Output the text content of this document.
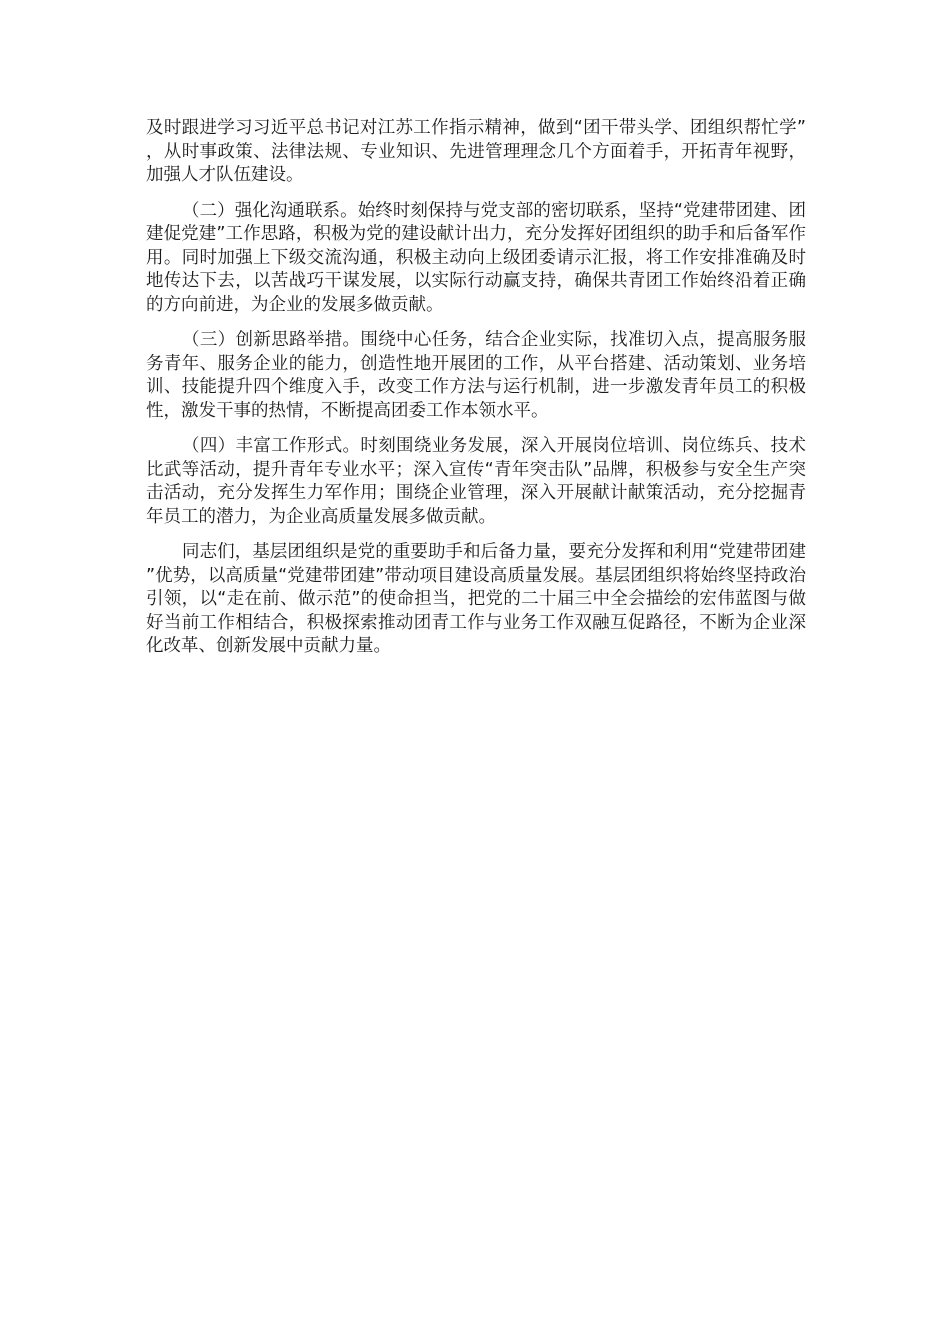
及时跟进学习习近平总书记对江苏工作指示精神，做到“团干带头学、团组织帮忙学”，从时事政策、法律法规、专业知识、先进管理理念几个方面着手，开拓青年视野，加强人才队伍建设。

（二）强化沟通联系。始终时刻保持与党支部的密切联系，坚持“党建带团建、团建促党建”工作思路，积极为党的建设献计出力，充分发挥好团组织的助手和后备军作用。同时加强上下级交流沟通，积极主动向上级团委请示汇报，将工作安排准确及时地传达下去，以苦战巧干谋发展，以实际行动赢支持，确保共青团工作始终沿着正确的方向前进，为企业的发展多做贡献。

（三）创新思路举措。围绕中心任务，结合企业实际，找准切入点，提高服务服务青年、服务企业的能力，创造性地开展团的工作，从平台搭建、活动策划、业务培训、技能提升四个维度入手，改变工作方法与运行机制，进一步激发青年员工的积极性，激发干事的热情，不断提高团委工作本领水平。

（四）丰富工作形式。时刻围绕业务发展，深入开展岗位培训、岗位练兵、技术比武等活动，提升青年专业水平；深入宣传“青年突击队”品牌，积极参与安全生产突击活动，充分发挥生力军作用；围绕企业管理，深入开展献计献策活动，充分挖掘青年员工的潜力，为企业高质量发展多做贡献。

同志们，基层团组织是党的重要助手和后备力量，要充分发挥和利用“党建带团建”优势，以高质量“党建带团建”带动项目建设高质量发展。基层团组织将始终坚持政治引领，以“走在前、做示范”的使命担当，把党的二十届三中全会描绘的宏伟蓝图与做好当前工作相结合，积极探索推动团青工作与业务工作双融互促路径，不断为企业深化改革、创新发展中贡献力量。
